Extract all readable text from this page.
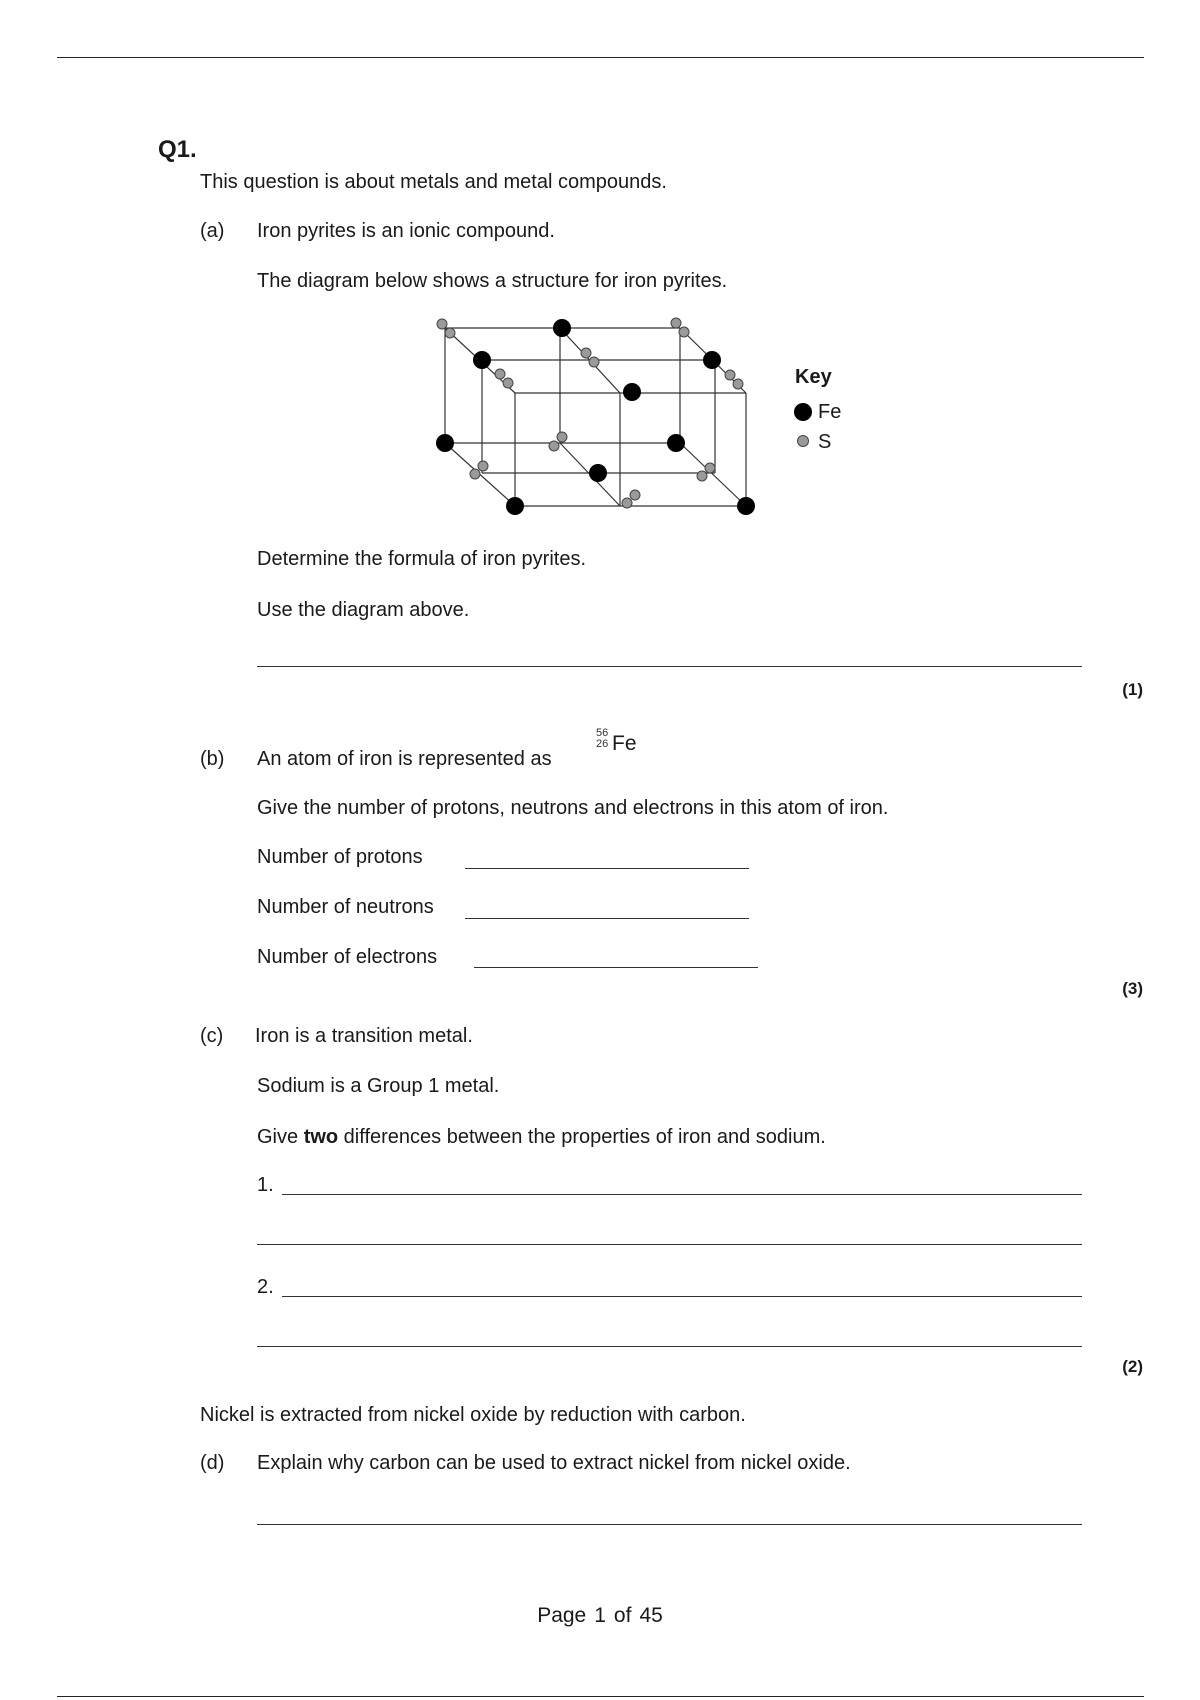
Q1.
This question is about metals and metal compounds.
(a) Iron pyrites is an ionic compound.
The diagram below shows a structure for iron pyrites.
Key
Fe
S
Determine the formula of iron pyrites.
Use the diagram above.
(1)
(b) An atom of iron is represented as
56
26 Fe
Give the number of protons, neutrons and electrons in this atom of iron.
Number of protons
Number of neutrons
Number of electrons
(3)
(c) Iron is a transition metal.
Sodium is a Group 1 metal.
Give two differences between the properties of iron and sodium.
1.
2.
(2)
Nickel is extracted from nickel oxide by reduction with carbon.
(d) Explain why carbon can be used to extract nickel from nickel oxide.
Page 1 of 45
